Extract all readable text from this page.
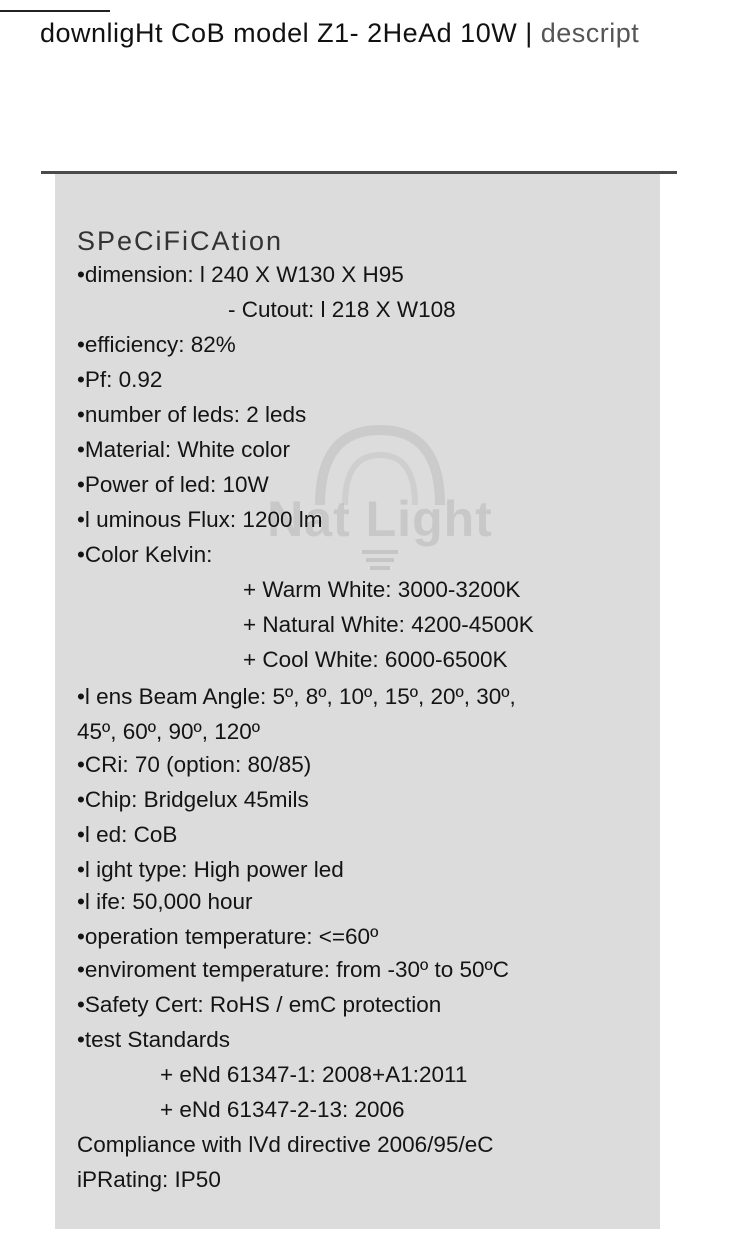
downligHt CoB model Z1- 2HeAd 10W | descript
Nat Light
SPeCiFiCAtion
•dimension: l 240 X W130 X H95
- Cutout: l 218 X W108
•efficiency: 82%
•Pf: 0.92
•number of leds: 2 leds
•Material: White color
•Power of led: 10W
•l uminous Flux: 1200 lm
•Color Kelvin:
+ Warm White: 3000-3200K
+ Natural White: 4200-4500K
+ Cool White: 6000-6500K
•l ens Beam Angle: 5º, 8º, 10º, 15º, 20º, 30º,
45º, 60º, 90º, 120º
•CRi: 70 (option: 80/85)
•Chip: Bridgelux 45mils
•l ed: CoB
•l ight type: High power led
•l ife: 50,000 hour
•operation temperature: <=60º
•enviroment temperature: from -30º to 50ºC
•Safety Cert: RoHS / emC protection
•test Standards
+ eNd 61347-1: 2008+A1:2011
+ eNd 61347-2-13: 2006
Compliance with lVd directive 2006/95/eC
iPRating: IP50
